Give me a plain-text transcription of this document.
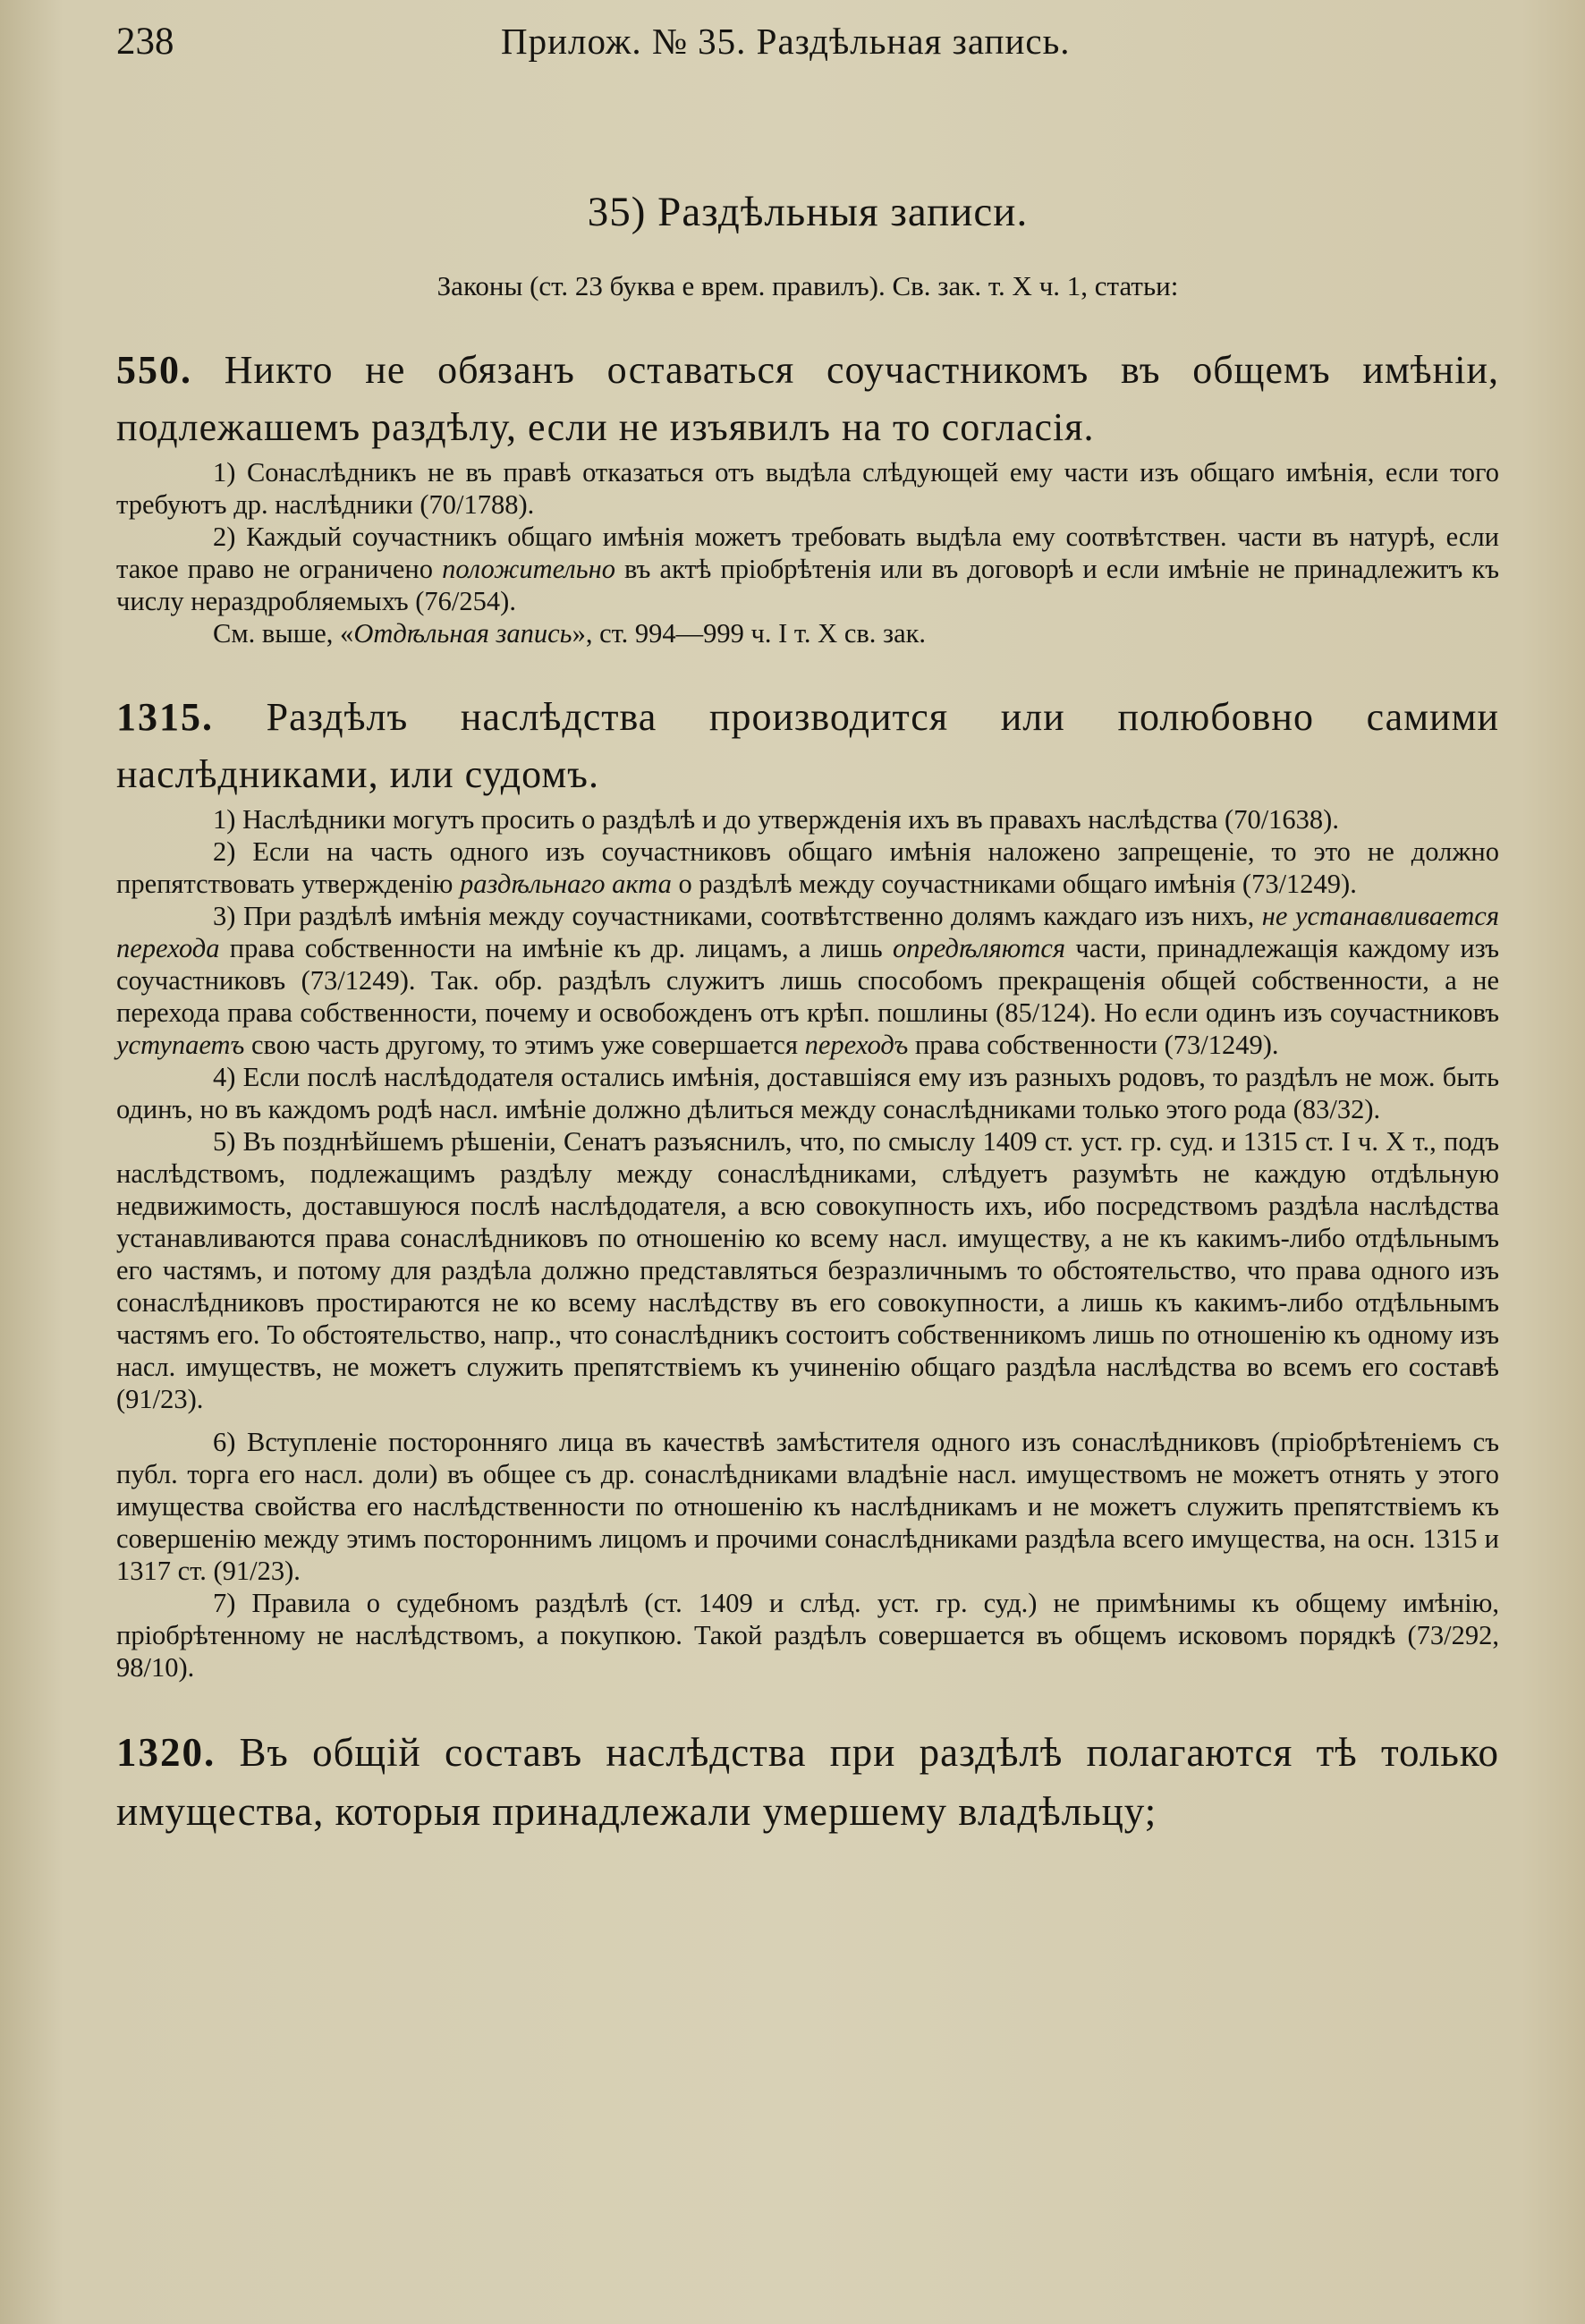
238	Прилож. № 35. Раздѣльная запись.
35) Раздѣльныя записи.
Законы (ст. 23 буква е врем. правилъ). Св. зак. т. X ч. 1, статьи:
550. Никто не обязанъ оставаться соучастникомъ въ общемъ имѣніи, подлежашемъ раздѣлу, если не изъявилъ на то согласія.

1) Сонаслѣдникъ не въ правѣ отказаться отъ выдѣла слѣдующей ему части изъ общаго имѣнія, если того требуютъ др. наслѣдники (70/1788).

2) Каждый соучастникъ общаго имѣнія можетъ требовать выдѣла ему соотвѣтствен. части въ натурѣ, если такое право не ограничено положительно въ актѣ пріобрѣтенія или въ договорѣ и если имѣніе не принадлежитъ къ числу нераздробляемыхъ (76/254).

См. выше, «Отдѣльная запись», ст. 994—999 ч. I т. X св. зак.

1315. Раздѣлъ наслѣдства производится или полюбовно самими наслѣдниками, или судомъ.

1) Наслѣдники могутъ просить о раздѣлѣ и до утвержденія ихъ въ правахъ наслѣдства (70/1638).

2) Если на часть одного изъ соучастниковъ общаго имѣнія наложено запрещеніе, то это не должно препятствовать утвержденію раздѣльнаго акта о раздѣлѣ между соучастниками общаго имѣнія (73/1249).

3) При раздѣлѣ имѣнія между соучастниками, соотвѣтственно долямъ каждаго изъ нихъ, не устанавливается перехода права собственности на имѣніе къ др. лицамъ, а лишь опредѣляются части, принадлежащія каждому изъ соучастниковъ (73/1249). Так. обр. раздѣлъ служитъ лишь способомъ прекращенія общей собственности, а не перехода права собственности, почему и освобожденъ отъ крѣп. пошлины (85/124). Но если одинъ изъ соучастниковъ уступаетъ свою часть другому, то этимъ уже совершается переходъ права собственности (73/1249).

4) Если послѣ наслѣдодателя остались имѣнія, доставшіяся ему изъ разныхъ родовъ, то раздѣлъ не мож. быть одинъ, но въ каждомъ родѣ насл. имѣніе должно дѣлиться между сонаслѣдниками только этого рода (83/32).

5) Въ позднѣйшемъ рѣшеніи, Сенатъ разъяснилъ, что, по смыслу 1409 ст. уст. гр. суд. и 1315 ст. I ч. X т., подъ наслѣдствомъ, подлежащимъ раздѣлу между сонаслѣдниками, слѣдуетъ разумѣть не каждую отдѣльную недвижимость, доставшуюся послѣ наслѣдодателя, а всю совокупность ихъ, ибо посредствомъ раздѣла наслѣдства устанавливаются права сонаслѣдниковъ по отношенію ко всему насл. имуществу, а не къ какимъ-либо отдѣльнымъ его частямъ, и потому для раздѣла должно представляться безразличнымъ то обстоятельство, что права одного изъ сонаслѣдниковъ простираются не ко всему наслѣдству въ его совокупности, а лишь къ какимъ-либо отдѣльнымъ частямъ его. То обстоятельство, напр., что сонаслѣдникъ состоитъ собственникомъ лишь по отношенію къ одному изъ насл. имуществъ, не можетъ служить препятствіемъ къ учиненію общаго раздѣла наслѣдства во всемъ его составѣ (91/23).

6) Вступленіе посторонняго лица въ качествѣ замѣстителя одного изъ сонаслѣдниковъ (пріобрѣтеніемъ съ публ. торга его насл. доли) въ общее съ др. сонаслѣдниками владѣніе насл. имуществомъ не можетъ отнять у этого имущества свойства его наслѣдственности по отношенію къ наслѣдникамъ и не можетъ служить препятствіемъ къ совершенію между этимъ постороннимъ лицомъ и прочими сонаслѣдниками раздѣла всего имущества, на осн. 1315 и 1317 ст. (91/23).

7) Правила о судебномъ раздѣлѣ (ст. 1409 и слѣд. уст. гр. суд.) не примѣнимы къ общему имѣнію, пріобрѣтенному не наслѣдствомъ, а покупкою. Такой раздѣлъ совершается въ общемъ исковомъ порядкѣ (73/292, 98/10).

1320. Въ общій составъ наслѣдства при раздѣлѣ полагаются тѣ только имущества, которыя принадлежали умершему владѣльцу;
